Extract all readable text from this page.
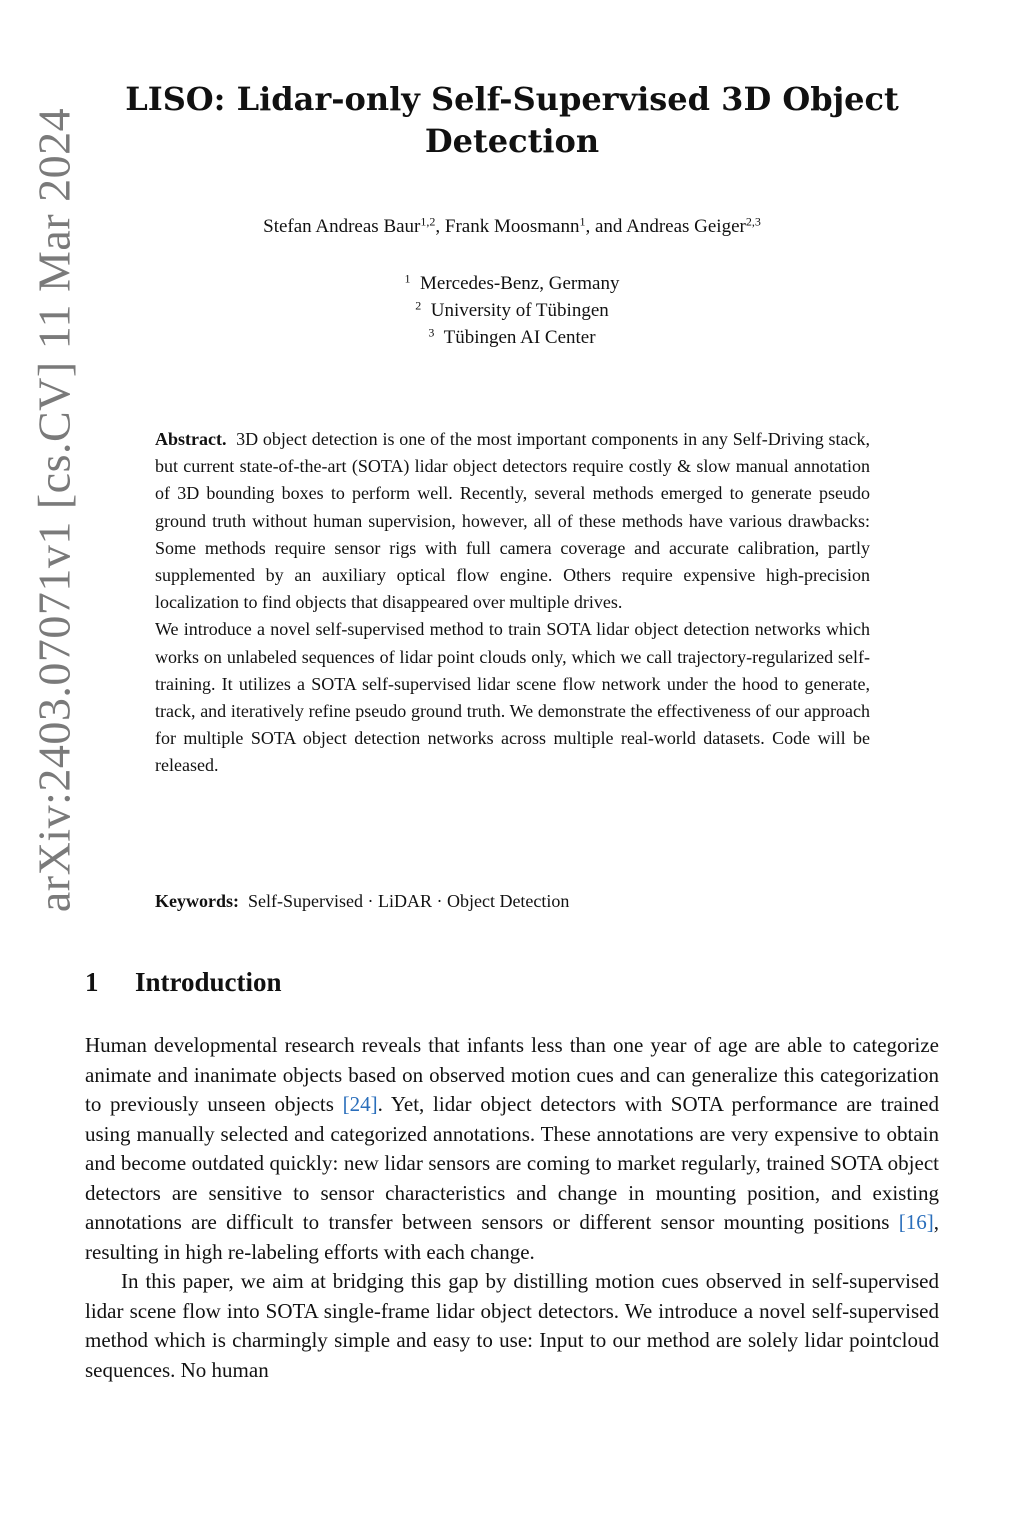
arXiv:2403.07071v1 [cs.CV] 11 Mar 2024
LISO: Lidar-only Self-Supervised 3D Object Detection
Stefan Andreas Baur$^{1,2}$, Frank Moosmann$^1$, and Andreas Geiger$^{2,3}$
$^1$ Mercedes-Benz, Germany
$^2$ University of Tübingen
$^3$ Tübingen AI Center

Abstract. 3D object detection is one of the most important components in any Self-Driving stack, but current state-of-the-art (SOTA) lidar object detectors require costly & slow manual annotation of 3D bounding boxes to perform well. Recently, several methods emerged to generate pseudo ground truth without human supervision, however, all of these methods have various drawbacks: Some methods require sensor rigs with full camera coverage and accurate calibration, partly supplemented by an auxiliary optical flow engine. Others require expensive high-precision localization to find objects that disappeared over multiple drives.

We introduce a novel self-supervised method to train SOTA lidar object detection networks which works on unlabeled sequences of lidar point clouds only, which we call trajectory-regularized self-training. It utilizes a SOTA self-supervised lidar scene flow network under the hood to generate, track, and iteratively refine pseudo ground truth. We demonstrate the effectiveness of our approach for multiple SOTA object detection networks across multiple real-world datasets. Code will be released.

Keywords: Self-Supervised · LiDAR · Object Detection
1 Introduction

Human developmental research reveals that infants less than one year of age are able to categorize animate and inanimate objects based on observed motion cues and can generalize this categorization to previously unseen objects [24]. Yet, lidar object detectors with SOTA performance are trained using manually selected and categorized annotations. These annotations are very expensive to obtain and become outdated quickly: new lidar sensors are coming to market regularly, trained SOTA object detectors are sensitive to sensor characteristics and change in mounting position, and existing annotations are difficult to transfer between sensors or different sensor mounting positions [16], resulting in high re-labeling efforts with each change.

In this paper, we aim at bridging this gap by distilling motion cues observed in self-supervised lidar scene flow into SOTA single-frame lidar object detectors. We introduce a novel self-supervised method which is charmingly simple and easy to use: Input to our method are solely lidar pointcloud sequences. No human
